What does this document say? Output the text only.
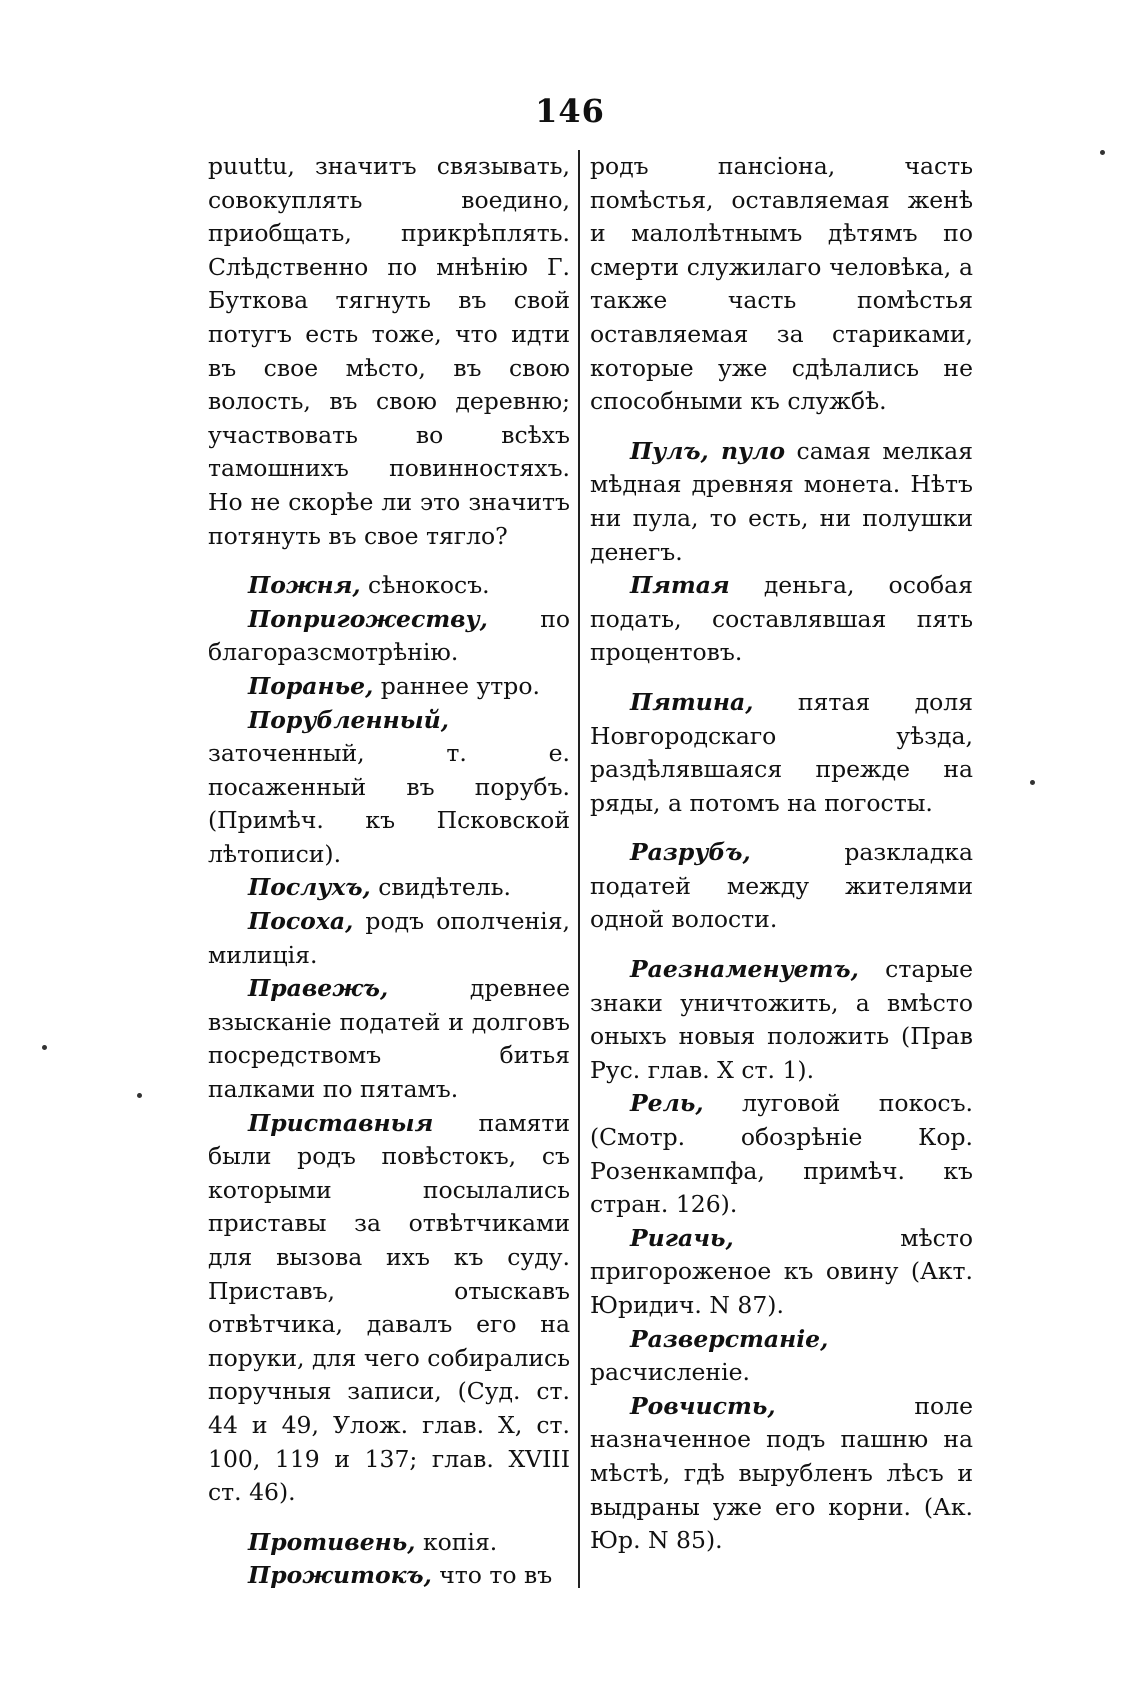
146

puuttu, значитъ связывать, совокуплять воедино, приобщать, прикрѣплять. Слѣдственно по мнѣнію Г. Буткова тягнуть въ свой потугъ есть тоже, что идти въ свое мѣсто, въ свою волость, въ свою деревню; участвовать во всѣхъ тамошнихъ повинностяхъ. Но не скорѣе ли это значитъ потянуть въ свое тягло?

Пожня, сѣнокосъ.

Попригожеству, по благоразсмотрѣнію.

Поранье, раннее утро.

Порубленный, заточенный, т. е. посаженный въ порубъ. (Примѣч. къ Псковской лѣтописи).

Послухъ, свидѣтель.

Посоха, родъ ополченія, милиція.

Правежъ, древнее взысканіе податей и долговъ посредствомъ битья палками по пятамъ.

Приставныя памяти были родъ повѣстокъ, съ которыми посылались приставы за отвѣтчиками для вызова ихъ къ суду. Приставъ, отыскавъ отвѣтчика, давалъ его на поруки, для чего собирались поручныя записи, (Суд. ст. 44 и 49, Улож. глав. X, ст. 100, 119 и 137; глав. XVIII ст. 46).

Противень, копія.

Прожитокъ, что то въ

родъ пансіона, часть помѣстья, оставляемая женѣ и малолѣтнымъ дѣтямъ по смерти служилаго человѣка, а также часть помѣстья оставляемая за стариками, которые уже сдѣлались не способными къ службѣ.

Пулъ, пуло самая мелкая мѣдная древняя монета. Нѣтъ ни пула, то есть, ни полушки денегъ.

Пятая деньга, особая подать, составлявшая пять процентовъ.

Пятина, пятая доля Новгородскаго уѣзда, раздѣлявшаяся прежде на ряды, а потомъ на погосты.

Разрубъ, разкладка податей между жителями одной волости.

Раезнаменуетъ, старые знаки уничтожить, а вмѣсто оныхъ новыя положить (Прав Рус. глав. X ст. 1).

Рель, луговой покосъ. (Смотр. обозрѣніе Кор. Розенкампфа, примѣч. къ стран. 126).

Ригачь, мѣсто пригороженое къ овину (Акт. Юридич. N 87).

Разверстаніе, расчисленіе.

Ровчисть, поле назначенное подъ пашню на мѣстѣ, гдѣ вырубленъ лѣсъ и выдраны уже его корни. (Ак. Юр. N 85).
